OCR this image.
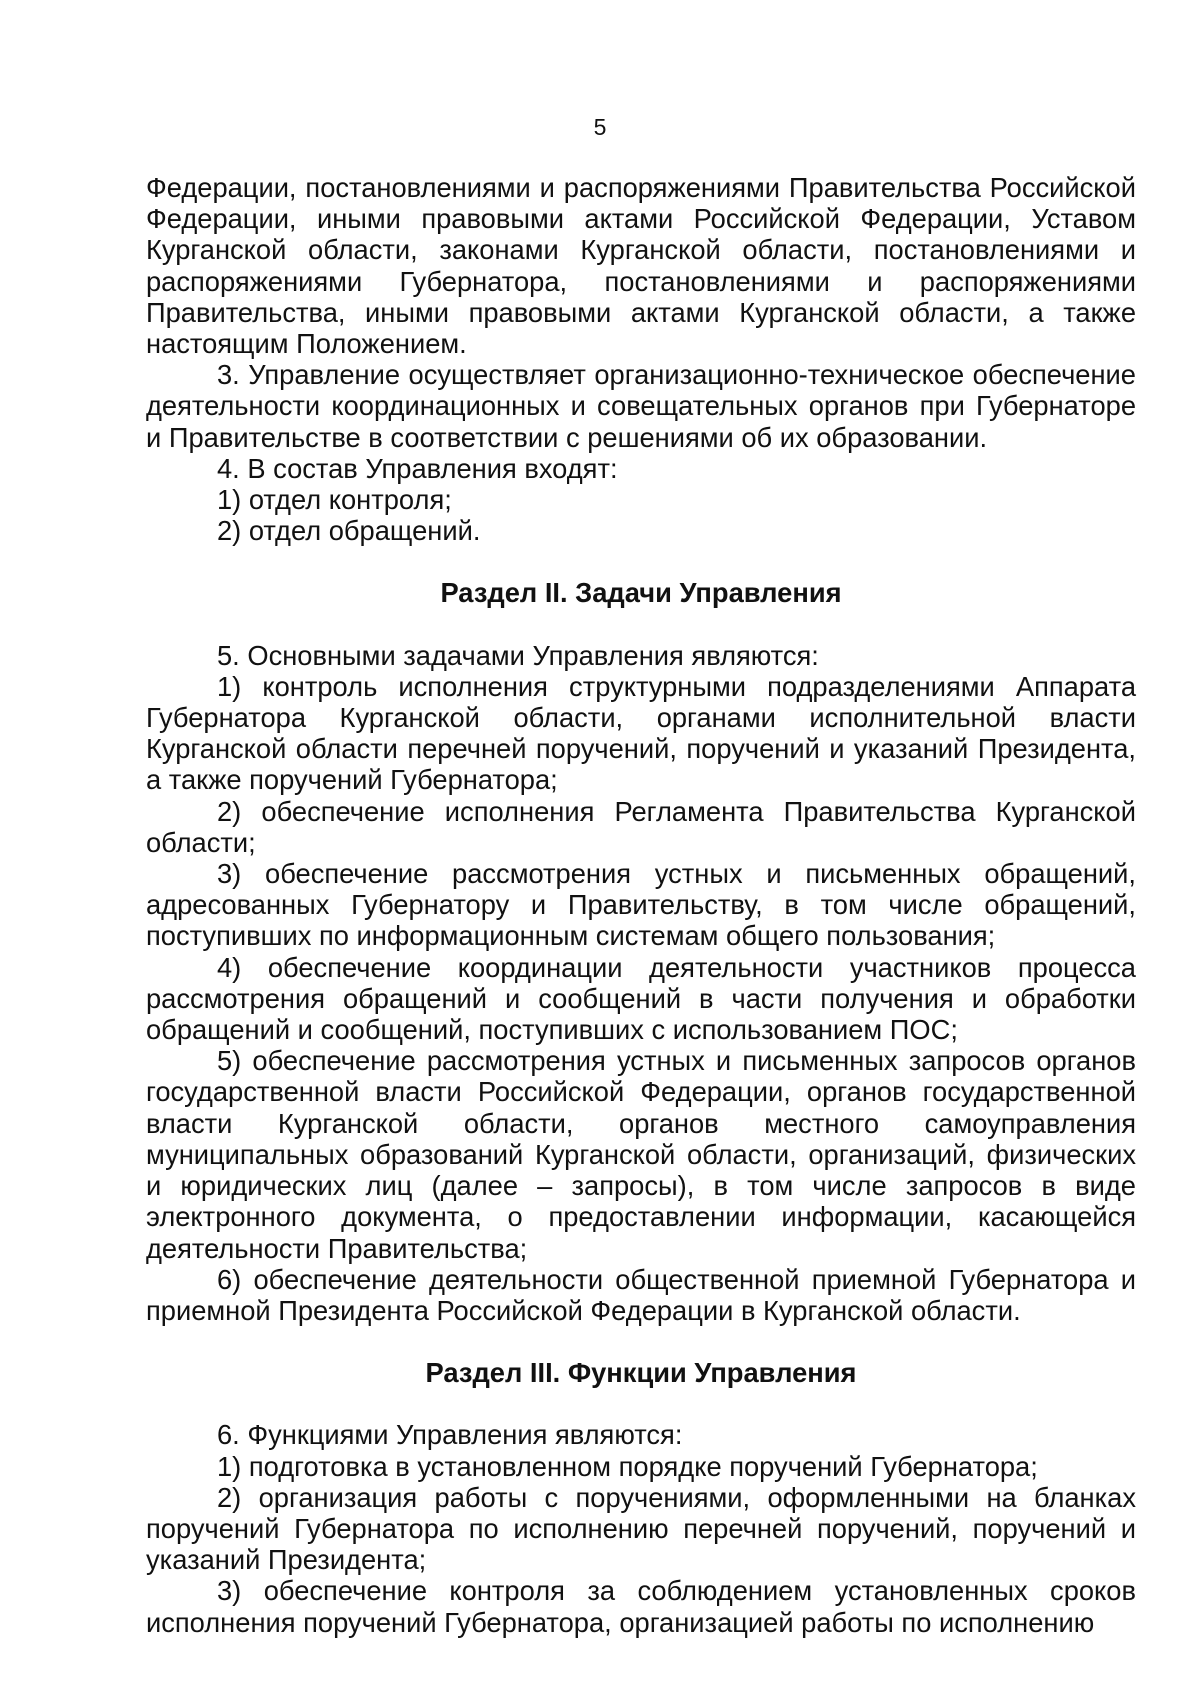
5

Федерации, постановлениями и распоряжениями Правительства Российской Федерации, иными правовыми актами Российской Федерации, Уставом Курганской области, законами Курганской области, постановлениями и распоряжениями Губернатора, постановлениями и распоряжениями Правительства, иными правовыми актами Курганской области, а также настоящим Положением.

3. Управление осуществляет организационно-техническое обеспечение деятельности координационных и совещательных органов при Губернаторе и Правительстве в соответствии с решениями об их образовании.

4. В состав Управления входят:

1) отдел контроля;

2) отдел обращений.

Раздел II. Задачи Управления

5. Основными задачами Управления являются:

1) контроль исполнения структурными подразделениями Аппарата Губернатора Курганской области, органами исполнительной власти Курганской области перечней поручений, поручений и указаний Президента, а также поручений Губернатора;

2) обеспечение исполнения Регламента Правительства Курганской области;

3) обеспечение рассмотрения устных и письменных обращений, адресованных Губернатору и Правительству, в том числе обращений, поступивших по информационным системам общего пользования;

4) обеспечение координации деятельности участников процесса рассмотрения обращений и сообщений в части получения и обработки обращений и сообщений, поступивших с использованием ПОС;

5) обеспечение рассмотрения устных и письменных запросов органов государственной власти Российской Федерации, органов государственной власти Курганской области, органов местного самоуправления муниципальных образований Курганской области, организаций, физических и юридических лиц (далее – запросы), в том числе запросов в виде электронного документа, о предоставлении информации, касающейся деятельности Правительства;

6) обеспечение деятельности общественной приемной Губернатора и приемной Президента Российской Федерации в Курганской области.

Раздел III. Функции Управления

6. Функциями Управления являются:

1) подготовка в установленном порядке поручений Губернатора;

2) организация работы с поручениями, оформленными на бланках поручений Губернатора по исполнению перечней поручений, поручений и указаний Президента;

3) обеспечение контроля за соблюдением установленных сроков исполнения поручений Губернатора, организацией работы по исполнению
